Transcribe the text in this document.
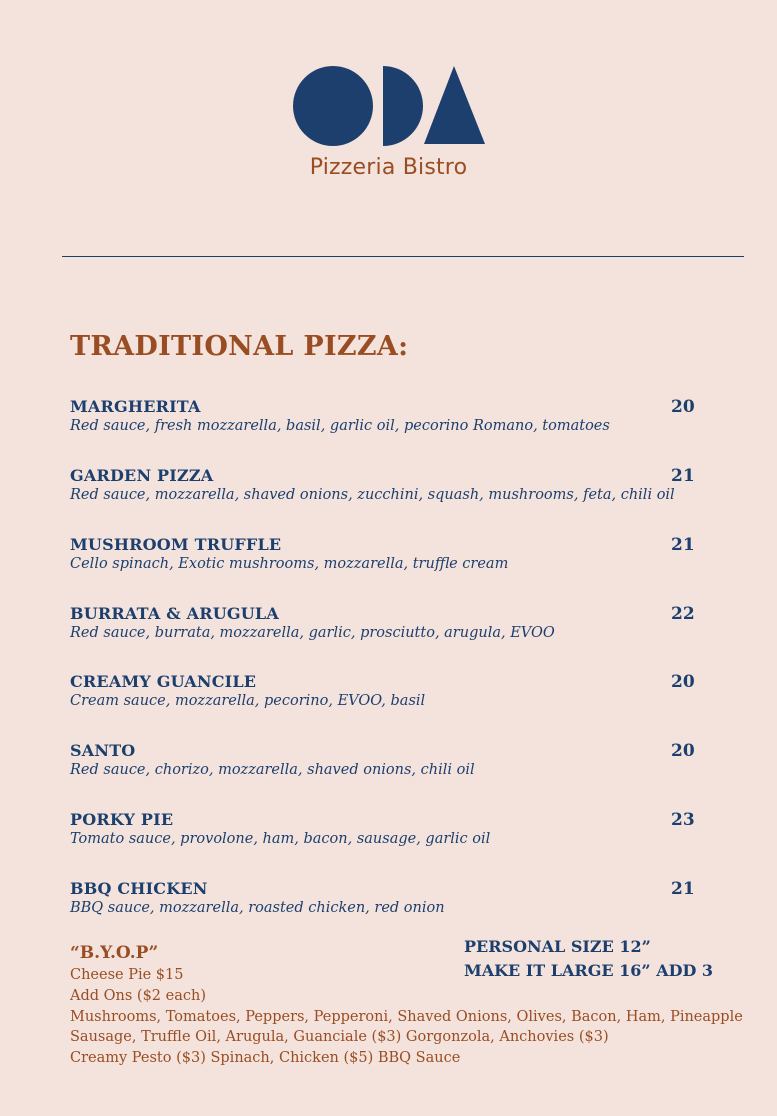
Pizzeria Bistro
TRADITIONAL PIZZA:
MARGHERITA	20
Red sauce, fresh mozzarella, basil, garlic oil, pecorino Romano, tomatoes
GARDEN PIZZA	21
Red sauce, mozzarella, shaved onions, zucchini, squash, mushrooms, feta, chili oil
MUSHROOM TRUFFLE	21
Cello spinach, Exotic mushrooms, mozzarella, truffle cream
BURRATA & ARUGULA	22
Red sauce, burrata, mozzarella, garlic, prosciutto, arugula, EVOO
CREAMY GUANCILE	20
Cream sauce, mozzarella, pecorino, EVOO, basil
SANTO	20
Red sauce, chorizo, mozzarella, shaved onions, chili oil
PORKY PIE	23
Tomato sauce, provolone, ham, bacon, sausage, garlic oil
BBQ CHICKEN	21
BBQ sauce, mozzarella, roasted chicken, red onion
“B.Y.O.P”
Cheese Pie $15
Add Ons ($2 each)
Mushrooms, Tomatoes, Peppers, Pepperoni, Shaved Onions, Olives, Bacon, Ham, Pineapple
Sausage, Truffle Oil, Arugula, Guanciale ($3) Gorgonzola, Anchovies ($3)
Creamy Pesto ($3) Spinach, Chicken ($5) BBQ Sauce
PERSONAL SIZE 12”
MAKE IT LARGE 16” ADD 3
